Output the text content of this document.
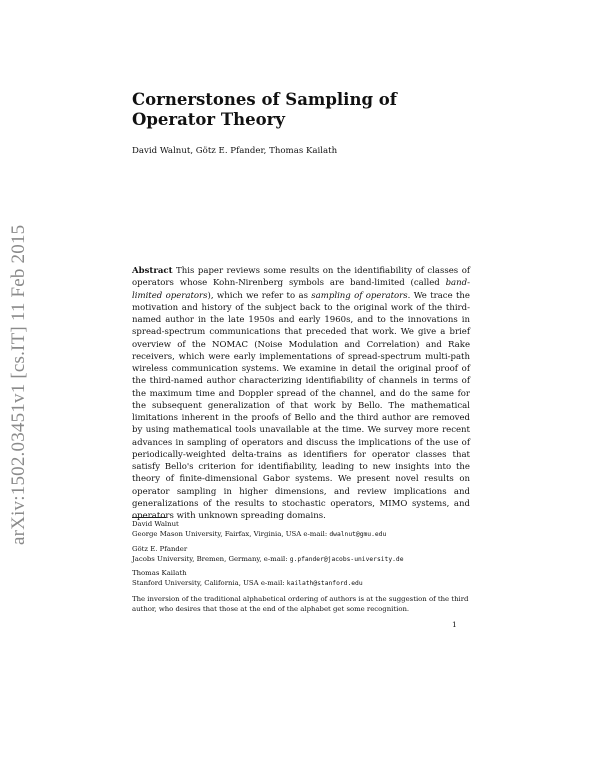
arXiv:1502.03451v1 [cs.IT] 11 Feb 2015
Cornerstones of Sampling of Operator Theory
David Walnut, Götz E. Pfander, Thomas Kailath
Abstract This paper reviews some results on the identifiability of classes of operators whose Kohn-Nirenberg symbols are band-limited (called band-limited operators), which we refer to as sampling of operators. We trace the motivation and history of the subject back to the original work of the third-named author in the late 1950s and early 1960s, and to the innovations in spread-spectrum communications that preceded that work. We give a brief overview of the NOMAC (Noise Modulation and Correlation) and Rake receivers, which were early implementations of spread-spectrum multi-path wireless communication systems. We examine in detail the original proof of the third-named author characterizing identifiability of channels in terms of the maximum time and Doppler spread of the channel, and do the same for the subsequent generalization of that work by Bello. The mathematical limitations inherent in the proofs of Bello and the third author are removed by using mathematical tools unavailable at the time. We survey more recent advances in sampling of operators and discuss the implications of the use of periodically-weighted delta-trains as identifiers for operator classes that satisfy Bello's criterion for identifiability, leading to new insights into the theory of finite-dimensional Gabor systems. We present novel results on operator sampling in higher dimensions, and review implications and generalizations of the results to stochastic operators, MIMO systems, and operators with unknown spreading domains.
David Walnut
George Mason University, Fairfax, Virginia, USA e-mail: dwalnut@gmu.edu
Götz E. Pfander
Jacobs University, Bremen, Germany, e-mail: g.pfander@jacobs-university.de
Thomas Kailath
Stanford University, California, USA e-mail: kailath@stanford.edu
The inversion of the traditional alphabetical ordering of authors is at the suggestion of the third author, who desires that those at the end of the alphabet get some recognition.
1
